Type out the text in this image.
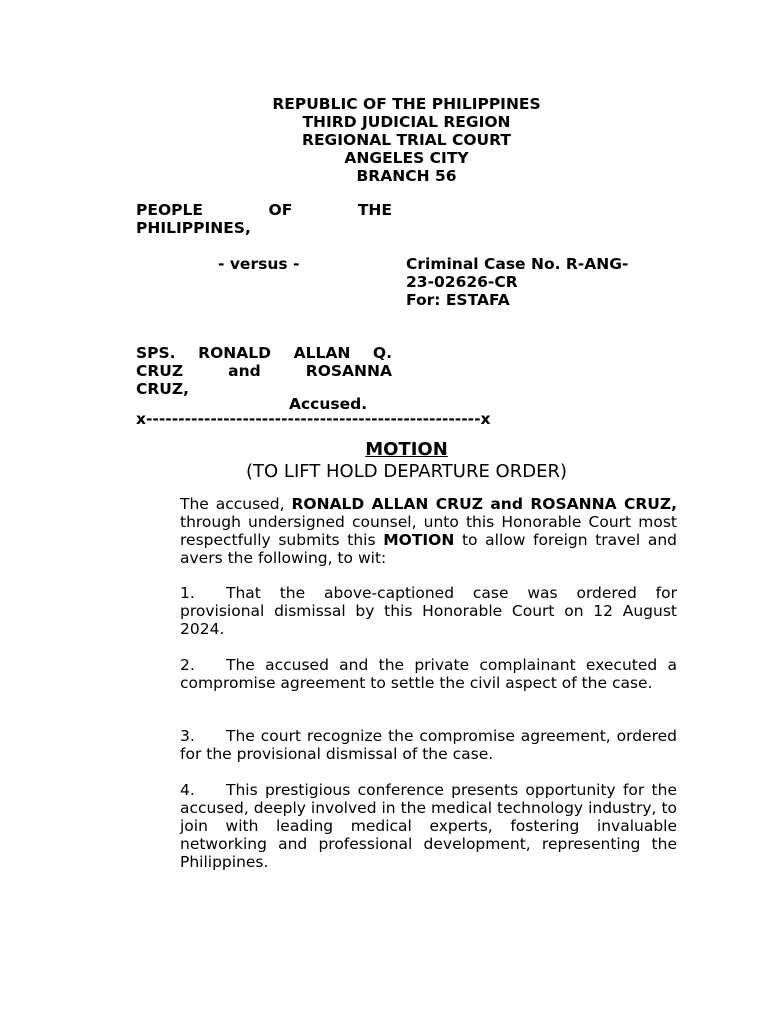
REPUBLIC OF THE PHILIPPINES
THIRD JUDICIAL REGION
REGIONAL TRIAL COURT
ANGELES CITY
BRANCH 56
PEOPLE	OF	THE
PHILIPPINES,
- versus -	Criminal Case No. R-ANG-
23-02626-CR
For: ESTAFA
SPS. RONALD ALLAN Q.
CRUZ	and	ROSANNA
CRUZ,
Accused.
x----------------------------------------------------x
MOTION
(TO LIFT HOLD DEPARTURE ORDER)
The accused, RONALD ALLAN CRUZ and ROSANNA CRUZ, through undersigned counsel, unto this Honorable Court most respectfully submits this MOTION to allow foreign travel and avers the following, to wit:
1. That the above-captioned case was ordered for provisional dismissal by this Honorable Court on 12 August 2024.
2. The accused and the private complainant executed a compromise agreement to settle the civil aspect of the case.
3. The court recognize the compromise agreement, ordered for the provisional dismissal of the case.
4. This prestigious conference presents opportunity for the accused, deeply involved in the medical technology industry, to join with leading medical experts, fostering invaluable networking and professional development, representing the Philippines.
